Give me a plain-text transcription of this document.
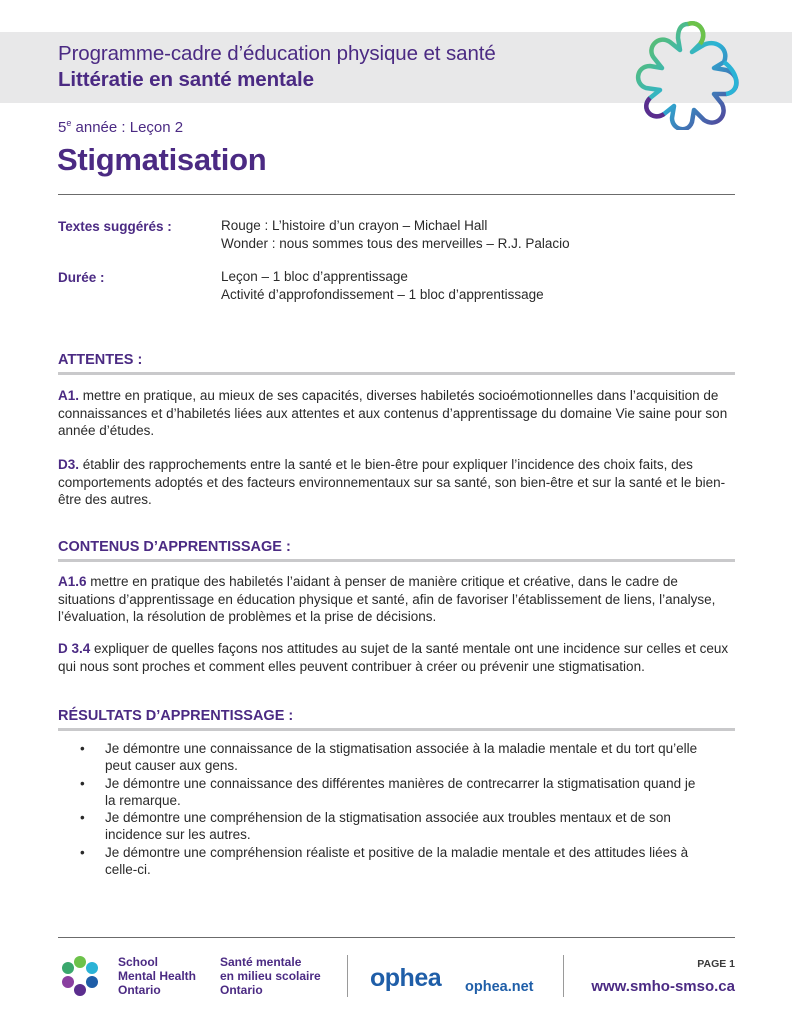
Programme-cadre d’éducation physique et santé
Littératie en santé mentale
5e année : Leçon 2
Stigmatisation
Textes suggérés :	Rouge : L’histoire d’un crayon – Michael Hall
Wonder : nous sommes tous des merveilles – R.J. Palacio
Durée :	Leçon – 1 bloc d’apprentissage
Activité d’approfondissement – 1 bloc d’apprentissage
ATTENTES :

A1. mettre en pratique, au mieux de ses capacités, diverses habiletés socioémotionnelles dans l’acquisition de connaissances et d’habiletés liées aux attentes et aux contenus d’apprentissage du domaine Vie saine pour son année d’études.

D3. établir des rapprochements entre la santé et le bien-être pour expliquer l’incidence des choix faits, des comportements adoptés et des facteurs environnementaux sur sa santé, son bien-être et sur la santé et le bien-être des autres.

CONTENUS D’APPRENTISSAGE :

A1.6 mettre en pratique des habiletés l’aidant à penser de manière critique et créative, dans le cadre de situations d’apprentissage en éducation physique et santé, afin de favoriser l’établissement de liens, l’analyse, l’évaluation, la résolution de problèmes et la prise de décisions.

D 3.4 expliquer de quelles façons nos attitudes au sujet de la santé mentale ont une incidence sur celles et ceux qui nous sont proches et comment elles peuvent contribuer à créer ou prévenir une stigmatisation.

RÉSULTATS D’APPRENTISSAGE :
• Je démontre une connaissance de la stigmatisation associée à la maladie mentale et du tort qu’elle peut causer aux gens.
• Je démontre une connaissance des différentes manières de contrecarrer la stigmatisation quand je la remarque.
• Je démontre une compréhension de la stigmatisation associée aux troubles mentaux et de son incidence sur les autres.
• Je démontre une compréhension réaliste et positive de la maladie mentale et des attitudes liées à celle-ci.
School
Mental Health
Ontario
Santé mentale
en milieu scolaire
Ontario	ophea ophea.net
PAGE 1
www.smho-smso.ca
